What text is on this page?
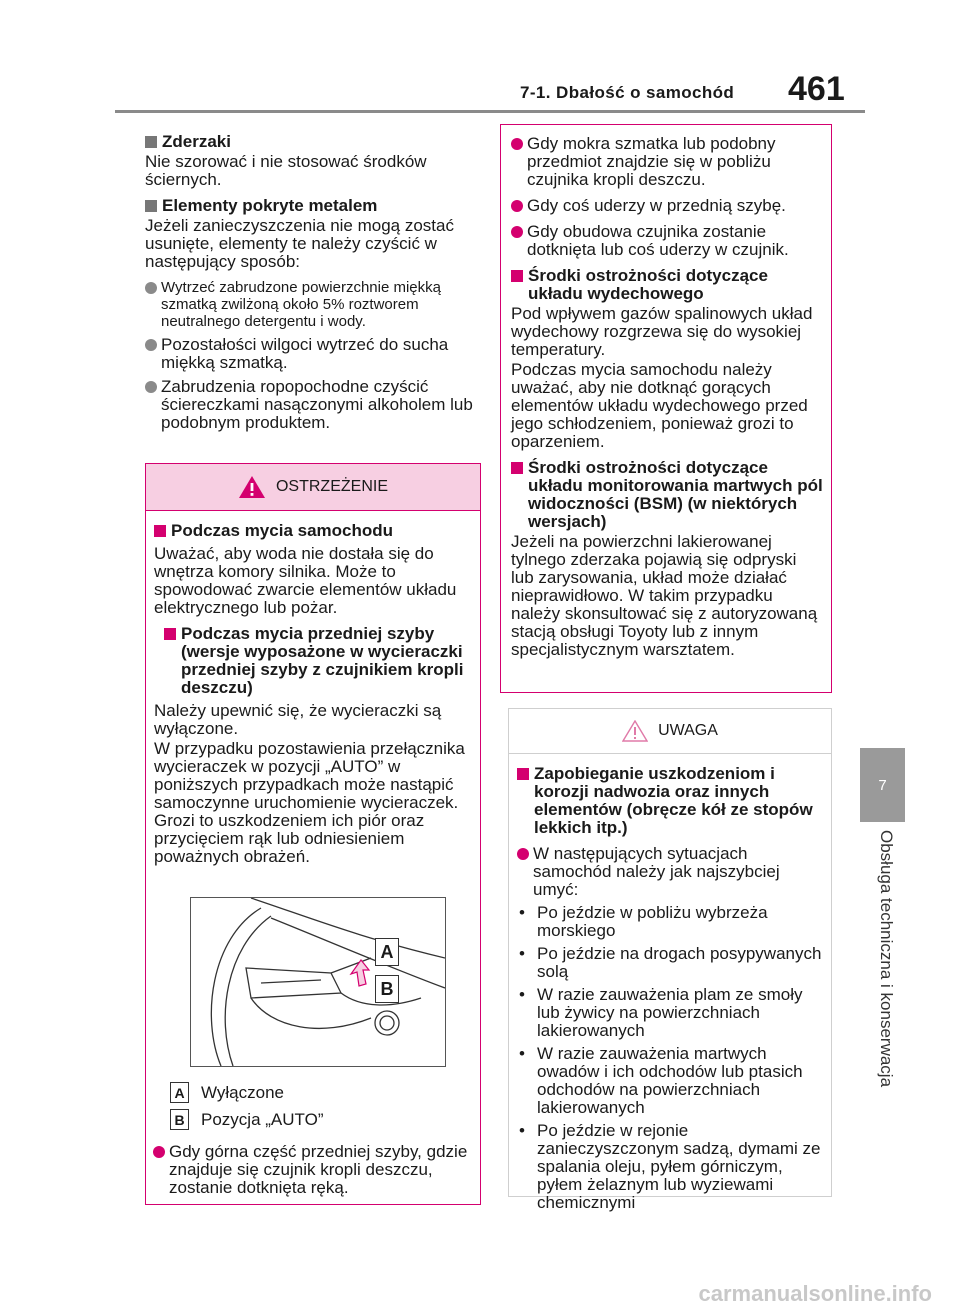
7-1. Dbałość o samochód 461
7
Obsługa techniczna i konserwacja
Zderzaki

Nie szorować i nie stosować środków ściernych.

Elementy pokryte metalem

Jeżeli zanieczyszczenia nie mogą zostać usunięte, elementy te należy czyścić w następujący sposób:

Wytrzeć zabrudzone powierzchnie miękką szmatką zwilżoną około 5% roztworem neutralnego detergentu i wody.
Pozostałości wilgoci wytrzeć do sucha miękką szmatką.
Zabrudzenia ropopochodne czyścić ściereczkami nasączonymi alkoholem lub podobnym produktem.
OSTRZEŻENIE
Podczas mycia samochodu

Uważać, aby woda nie dostała się do wnętrza komory silnika. Może to spowodować zwarcie elementów układu elektrycznego lub pożar.

Podczas mycia przedniej szyby (wersje wyposażone w wycieraczki przedniej szyby z czujnikiem kropli deszczu)

Należy upewnić się, że wycieraczki są wyłączone.

W przypadku pozostawienia przełącznika wycieraczek w pozycji „AUTO” w poniższych przypadkach może nastąpić samoczynne uruchomienie wycieraczek. Grozi to uszkodzeniem ich piór oraz przycięciem rąk lub odniesieniem poważnych obrażeń.

A
B
A Wyłączone
B Pozycja „AUTO”
Gdy górna część przedniej szyby, gdzie znajduje się czujnik kropli deszczu, zostanie dotknięta ręką.
Gdy mokra szmatka lub podobny przedmiot znajdzie się w pobliżu czujnika kropli deszczu.
Gdy coś uderzy w przednią szybę.
Gdy obudowa czujnika zostanie dotknięta lub coś uderzy w czujnik.
Środki ostrożności dotyczące układu wydechowego

Pod wpływem gazów spalinowych układ wydechowy rozgrzewa się do wysokiej temperatury.

Podczas mycia samochodu należy uważać, aby nie dotknąć gorących elementów układu wydechowego przed jego schłodzeniem, ponieważ grozi to oparzeniem.

Środki ostrożności dotyczące układu monitorowania martwych pól widoczności (BSM) (w niektórych wersjach)

Jeżeli na powierzchni lakierowanej tylnego zderzaka pojawią się odpryski lub zarysowania, układ może działać nieprawidłowo. W takim przypadku należy skonsultować się z autoryzowaną stacją obsługi Toyoty lub z innym specjalistycznym warsztatem.

UWAGA
Zapobieganie uszkodzeniom i korozji nadwozia oraz innych elementów (obręcze kół ze stopów lekkich itp.)
W następujących sytuacjach samochód należy jak najszybciej umyć:
• Po jeździe w pobliżu wybrzeża morskiego
• Po jeździe na drogach posypywanych solą
• W razie zauważenia plam ze smoły lub żywicy na powierzchniach lakierowanych
• W razie zauważenia martwych owadów i ich odchodów lub ptasich odchodów na powierzchniach lakierowanych
• Po jeździe w rejonie zanieczyszczonym sadzą, dymami ze spalania oleju, pyłem górniczym, pyłem żelaznym lub wyziewami chemicznymi
carmanualsonline.info
